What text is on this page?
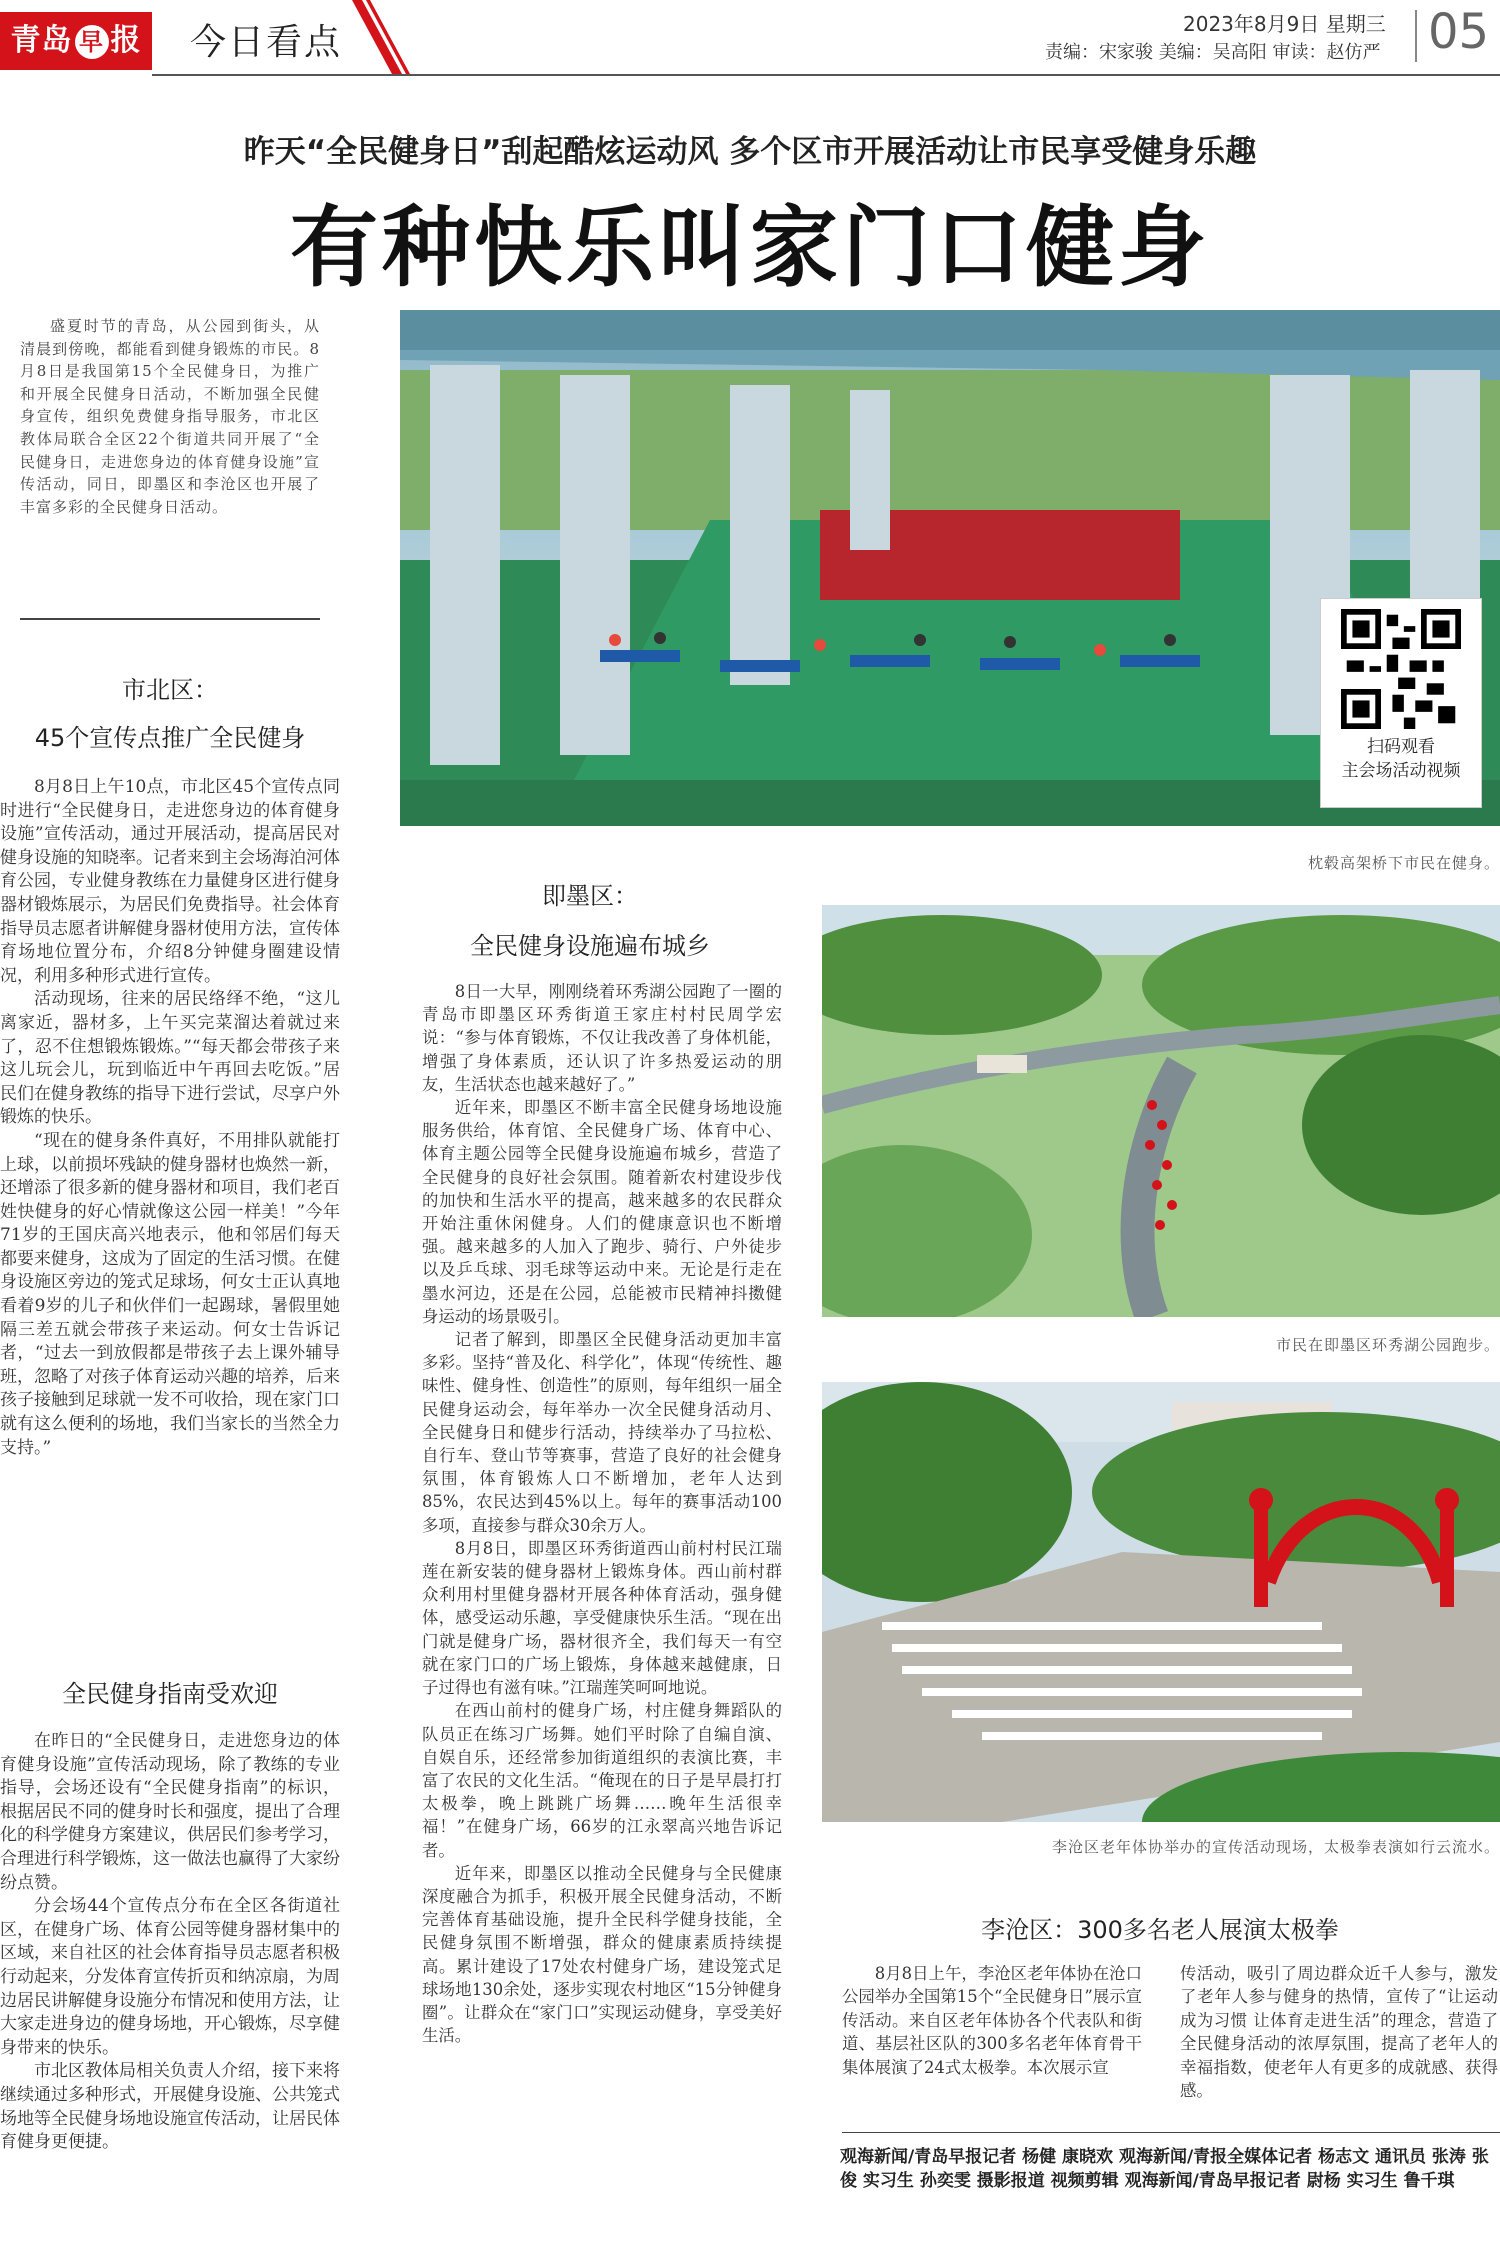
青岛 早 报 今日看点	2023年8月9日 星期三
责编：宋家骏 美编：吴高阳 审读：赵仿严 05
昨天“全民健身日”刮起酷炫运动风 多个区市开展活动让市民享受健身乐趣
有种快乐叫家门口健身

盛夏时节的青岛，从公园到街头，从清晨到傍晚，都能看到健身锻炼的市民。8月8日是我国第15个全民健身日，为推广和开展全民健身日活动，不断加强全民健身宣传，组织免费健身指导服务，市北区教体局联合全区22个街道共同开展了“全民健身日，走进您身边的体育健身设施”宣传活动，同日，即墨区和李沧区也开展了丰富多彩的全民健身日活动。

市北区：
45个宣传点推广全民健身

8月8日上午10点，市北区45个宣传点同时进行“全民健身日，走进您身边的体育健身设施”宣传活动，通过开展活动，提高居民对健身设施的知晓率。记者来到主会场海泊河体育公园，专业健身教练在力量健身区进行健身器材锻炼展示，为居民们免费指导。社会体育指导员志愿者讲解健身器材使用方法，宣传体育场地位置分布，介绍8分钟健身圈建设情况，利用多种形式进行宣传。

活动现场，往来的居民络绎不绝，“这儿离家近，器材多，上午买完菜溜达着就过来了，忍不住想锻炼锻炼。”“每天都会带孩子来这儿玩会儿，玩到临近中午再回去吃饭。”居民们在健身教练的指导下进行尝试，尽享户外锻炼的快乐。

“现在的健身条件真好，不用排队就能打上球，以前损坏残缺的健身器材也焕然一新，还增添了很多新的健身器材和项目，我们老百姓快健身的好心情就像这公园一样美！”今年71岁的王国庆高兴地表示，他和邻居们每天都要来健身，这成为了固定的生活习惯。在健身设施区旁边的笼式足球场，何女士正认真地看着9岁的儿子和伙伴们一起踢球，暑假里她隔三差五就会带孩子来运动。何女士告诉记者，“过去一到放假都是带孩子去上课外辅导班，忽略了对孩子体育运动兴趣的培养，后来孩子接触到足球就一发不可收拾，现在家门口就有这么便利的场地，我们当家长的当然全力支持。”

全民健身指南受欢迎

在昨日的“全民健身日，走进您身边的体育健身设施”宣传活动现场，除了教练的专业指导，会场还设有“全民健身指南”的标识，根据居民不同的健身时长和强度，提出了合理化的科学健身方案建议，供居民们参考学习，合理进行科学锻炼，这一做法也赢得了大家纷纷点赞。

分会场44个宣传点分布在全区各街道社区，在健身广场、体育公园等健身器材集中的区域，来自社区的社会体育指导员志愿者积极行动起来，分发体育宣传折页和纳凉扇，为周边居民讲解健身设施分布情况和使用方法，让大家走进身边的健身场地，开心锻炼，尽享健身带来的快乐。

市北区教体局相关负责人介绍，接下来将继续通过多种形式，开展健身设施、公共笼式场地等全民健身场地设施宣传活动，让居民体育健身更便捷。

扫码观看
主会场活动视频
枕毂高架桥下市民在健身。
即墨区：
全民健身设施遍布城乡

8日一大早，刚刚绕着环秀湖公园跑了一圈的青岛市即墨区环秀街道王家庄村村民周学宏说：“参与体育锻炼，不仅让我改善了身体机能，增强了身体素质，还认识了许多热爱运动的朋友，生活状态也越来越好了。”

近年来，即墨区不断丰富全民健身场地设施服务供给，体育馆、全民健身广场、体育中心、体育主题公园等全民健身设施遍布城乡，营造了全民健身的良好社会氛围。随着新农村建设步伐的加快和生活水平的提高，越来越多的农民群众开始注重休闲健身。人们的健康意识也不断增强。越来越多的人加入了跑步、骑行、户外徒步以及乒乓球、羽毛球等运动中来。无论是行走在墨水河边，还是在公园，总能被市民精神抖擞健身运动的场景吸引。

记者了解到，即墨区全民健身活动更加丰富多彩。坚持“普及化、科学化”，体现“传统性、趣味性、健身性、创造性”的原则，每年组织一届全民健身运动会，每年举办一次全民健身活动月、全民健身日和健步行活动，持续举办了马拉松、自行车、登山节等赛事，营造了良好的社会健身氛围，体育锻炼人口不断增加，老年人达到85%，农民达到45%以上。每年的赛事活动100多项，直接参与群众30余万人。

8月8日，即墨区环秀街道西山前村村民江瑞莲在新安装的健身器材上锻炼身体。西山前村群众利用村里健身器材开展各种体育活动，强身健体，感受运动乐趣，享受健康快乐生活。“现在出门就是健身广场，器材很齐全，我们每天一有空就在家门口的广场上锻炼，身体越来越健康，日子过得也有滋有味。”江瑞莲笑呵呵地说。

在西山前村的健身广场，村庄健身舞蹈队的队员正在练习广场舞。她们平时除了自编自演、自娱自乐，还经常参加街道组织的表演比赛，丰富了农民的文化生活。“俺现在的日子是早晨打打太极拳，晚上跳跳广场舞……晚年生活很幸福！”在健身广场，66岁的江永翠高兴地告诉记者。

近年来，即墨区以推动全民健身与全民健康深度融合为抓手，积极开展全民健身活动，不断完善体育基础设施，提升全民科学健身技能，全民健身氛围不断增强，群众的健康素质持续提高。累计建设了17处农村健身广场，建设笼式足球场地130余处，逐步实现农村地区“15分钟健身圈”。让群众在“家门口”实现运动健身，享受美好生活。

市民在即墨区环秀湖公园跑步。
李沧区老年体协举办的宣传活动现场，太极拳表演如行云流水。
李沧区：300多名老人展演太极拳

8月8日上午，李沧区老年体协在沧口公园举办全国第15个“全民健身日”展示宣传活动。来自区老年体协各个代表队和街道、基层社区队的300多名老年体育骨干集体展演了24式太极拳。本次展示宣

传活动，吸引了周边群众近千人参与，激发了老年人参与健身的热情，宣传了“让运动成为习惯 让体育走进生活”的理念，营造了全民健身活动的浓厚氛围，提高了老年人的幸福指数，使老年人有更多的成就感、获得感。

观海新闻/青岛早报记者 杨健 康晓欢 观海新闻/青报全媒体记者 杨志文 通讯员 张涛 张俊 实习生 孙奕雯 摄影报道 视频剪辑 观海新闻/青岛早报记者 尉杨 实习生 鲁千琪
